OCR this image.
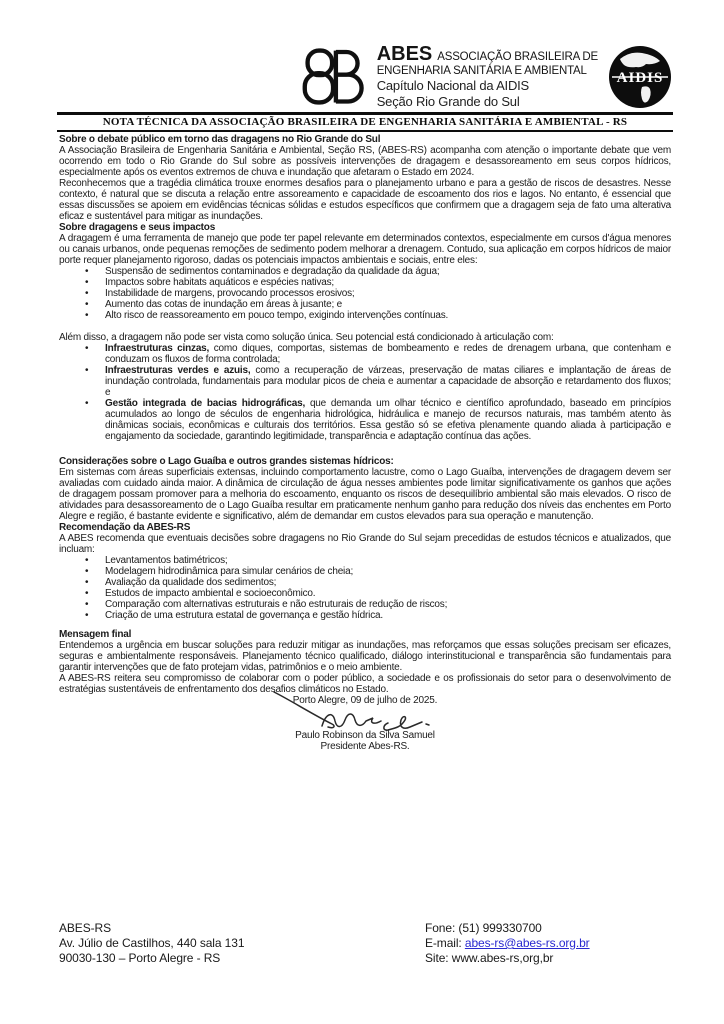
ABES ASSOCIAÇÃO BRASILEIRA DE
ENGENHARIA SANITÁRIA E AMBIENTAL
Capítulo Nacional da AIDIS
Seção Rio Grande do Sul
AIDIS
NOTA TÉCNICA DA ASSOCIAÇÃO BRASILEIRA DE ENGENHARIA SANITÁRIA E AMBIENTAL - RS

Sobre o debate público em torno das dragagens no Rio Grande do Sul

A Associação Brasileira de Engenharia Sanitária e Ambiental, Seção RS, (ABES-RS) acompanha com atenção o importante debate que vem ocorrendo em todo o Rio Grande do Sul sobre as possíveis intervenções de dragagem e desassoreamento em seus corpos hídricos, especialmente após os eventos extremos de chuva e inundação que afetaram o Estado em 2024.

Reconhecemos que a tragédia climática trouxe enormes desafios para o planejamento urbano e para a gestão de riscos de desastres. Nesse contexto, é natural que se discuta a relação entre assoreamento e capacidade de escoamento dos rios e lagos. No entanto, é essencial que essas discussões se apoiem em evidências técnicas sólidas e estudos específicos que confirmem que a dragagem seja de fato uma alterativa eficaz e sustentável para mitigar as inundações.

Sobre dragagens e seus impactos

A dragagem é uma ferramenta de manejo que pode ter papel relevante em determinados contextos, especialmente em cursos d'água menores ou canais urbanos, onde pequenas remoções de sedimento podem melhorar a drenagem. Contudo, sua aplicação em corpos hídricos de maior porte requer planejamento rigoroso, dadas os potenciais impactos ambientais e sociais, entre eles:

•	Suspensão de sedimentos contaminados e degradação da qualidade da água;
•	Impactos sobre habitats aquáticos e espécies nativas;
•	Instabilidade de margens, provocando processos erosivos;
•	Aumento das cotas de inundação em áreas à jusante; e
•	Alto risco de reassoreamento em pouco tempo, exigindo intervenções contínuas.

Além disso, a dragagem não pode ser vista como solução única. Seu potencial está condicionado à articulação com:

•	Infraestruturas cinzas, como diques, comportas, sistemas de bombeamento e redes de drenagem urbana, que contenham e conduzam os fluxos de forma controlada;
•	Infraestruturas verdes e azuis, como a recuperação de várzeas, preservação de matas ciliares e implantação de áreas de inundação controlada, fundamentais para modular picos de cheia e aumentar a capacidade de absorção e retardamento dos fluxos; e
•	Gestão integrada de bacias hidrográficas, que demanda um olhar técnico e científico aprofundado, baseado em princípios acumulados ao longo de séculos de engenharia hidrológica, hidráulica e manejo de recursos naturais, mas também atento às dinâmicas sociais, econômicas e culturais dos territórios. Essa gestão só se efetiva plenamente quando aliada à participação e engajamento da sociedade, garantindo legitimidade, transparência e adaptação contínua das ações.

Considerações sobre o Lago Guaíba e outros grandes sistemas hídricos:

Em sistemas com áreas superficiais extensas, incluindo comportamento lacustre, como o Lago Guaíba, intervenções de dragagem devem ser avaliadas com cuidado ainda maior. A dinâmica de circulação de água nesses ambientes pode limitar significativamente os ganhos que ações de dragagem possam promover para a melhoria do escoamento, enquanto os riscos de desequilíbrio ambiental são mais elevados. O risco de atividades para desassoreamento de o Lago Guaíba resultar em praticamente nenhum ganho para redução dos níveis das enchentes em Porto Alegre e região, é bastante evidente e significativo, além de demandar em custos elevados para sua operação e manutenção.

Recomendação da ABES-RS

A ABES recomenda que eventuais decisões sobre dragagens no Rio Grande do Sul sejam precedidas de estudos técnicos e atualizados, que incluam:

•	Levantamentos batimétricos;
•	Modelagem hidrodinâmica para simular cenários de cheia;
•	Avaliação da qualidade dos sedimentos;
•	Estudos de impacto ambiental e socioeconômico.
•	Comparação com alternativas estruturais e não estruturais de redução de riscos;
•	Criação de uma estrutura estatal de governança e gestão hídrica.

Mensagem final

Entendemos a urgência em buscar soluções para reduzir mitigar as inundações, mas reforçamos que essas soluções precisam ser eficazes, seguras e ambientalmente responsáveis. Planejamento técnico qualificado, diálogo interinstitucional e transparência são fundamentais para garantir intervenções que de fato protejam vidas, patrimônios e o meio ambiente.

A ABES-RS reitera seu compromisso de colaborar com o poder público, a sociedade e os profissionais do setor para o desenvolvimento de estratégias sustentáveis de enfrentamento dos desafios climáticos no Estado.

Porto Alegre, 09 de julho de 2025.

Paulo Robinson da Silva Samuel

Presidente Abes-RS.

ABES-RS
Av. Júlio de Castilhos, 440 sala 131
90030-130 – Porto Alegre - RS
Fone: (51) 999330700
E-mail: abes-rs@abes-rs.org.br
Site: www.abes-rs,org,br
